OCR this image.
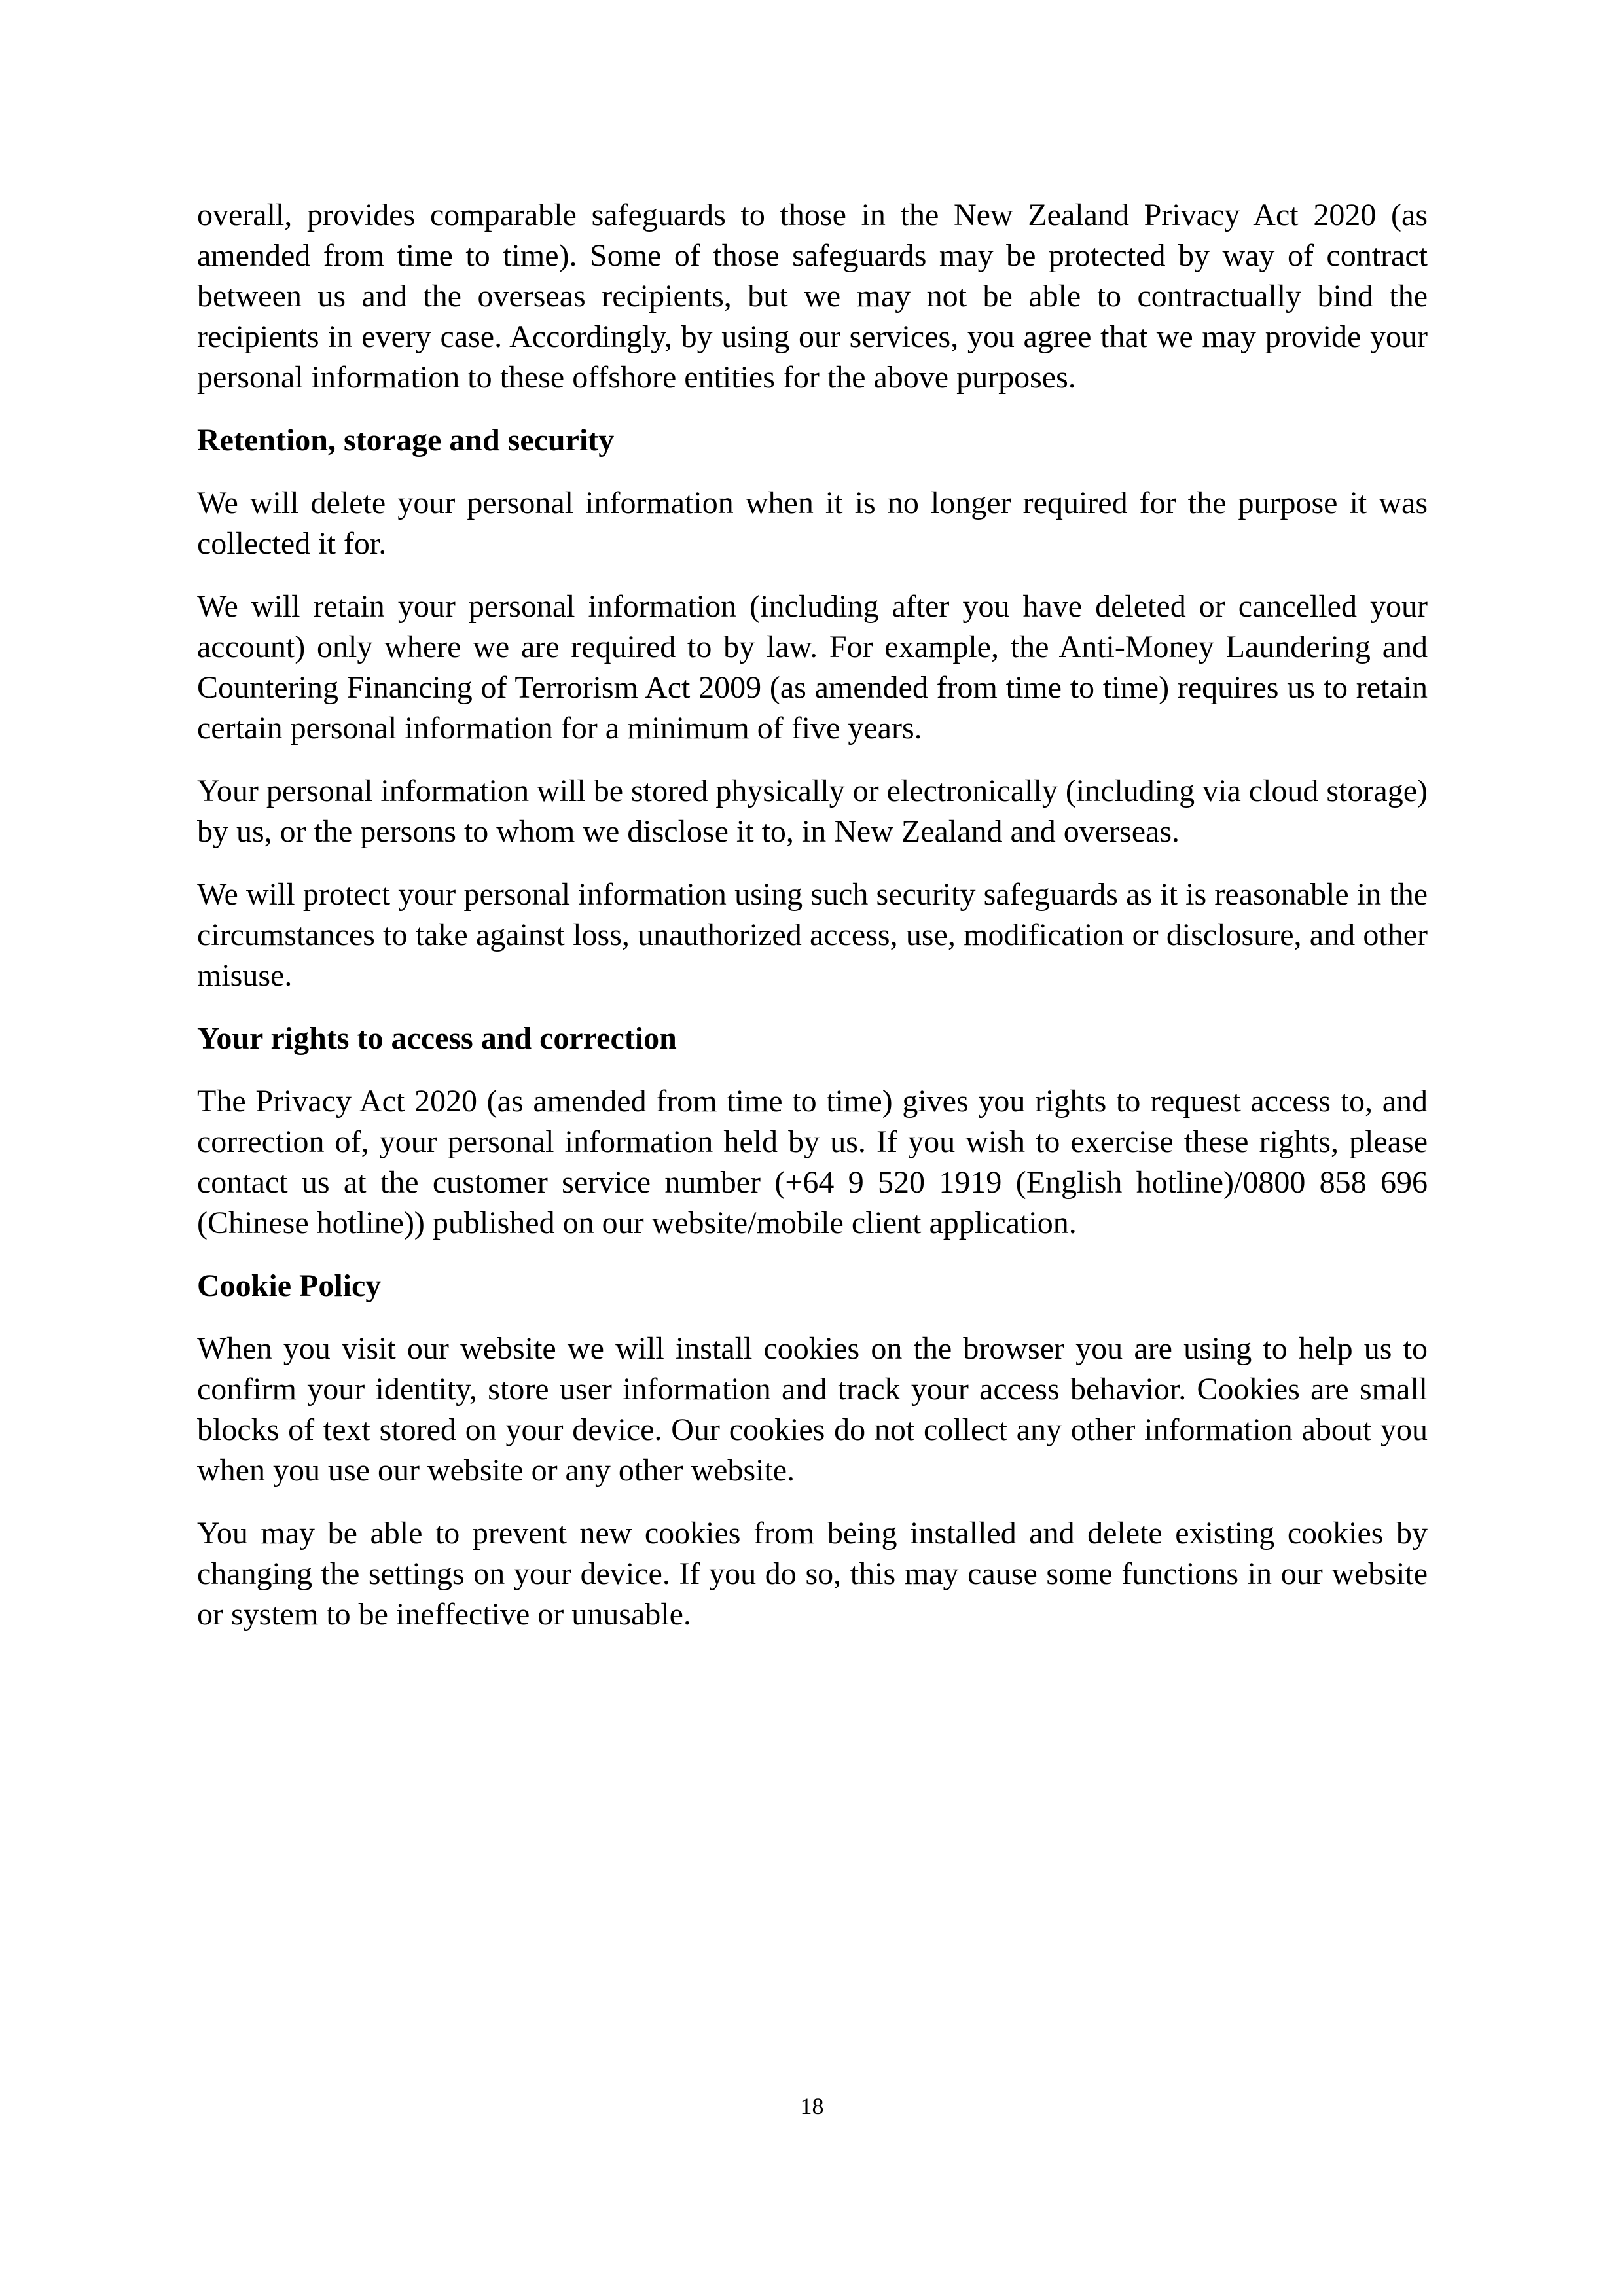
overall, provides comparable safeguards to those in the New Zealand Privacy Act 2020 (as amended from time to time). Some of those safeguards may be protected by way of contract between us and the overseas recipients, but we may not be able to contractually bind the recipients in every case. Accordingly, by using our services, you agree that we may provide your personal information to these offshore entities for the above purposes.

Retention, storage and security

We will delete your personal information when it is no longer required for the purpose it was collected it for.

We will retain your personal information (including after you have deleted or cancelled your account) only where we are required to by law. For example, the Anti-Money Laundering and Countering Financing of Terrorism Act 2009 (as amended from time to time) requires us to retain certain personal information for a minimum of five years.

Your personal information will be stored physically or electronically (including via cloud storage) by us, or the persons to whom we disclose it to, in New Zealand and overseas.

We will protect your personal information using such security safeguards as it is reasonable in the circumstances to take against loss, unauthorized access, use, modification or disclosure, and other misuse.

Your rights to access and correction

The Privacy Act 2020 (as amended from time to time) gives you rights to request access to, and correction of, your personal information held by us. If you wish to exercise these rights, please contact us at the customer service number (+64 9 520 1919 (English hotline)/0800 858 696 (Chinese hotline)) published on our website/mobile client application.

Cookie Policy

When you visit our website we will install cookies on the browser you are using to help us to confirm your identity, store user information and track your access behavior. Cookies are small blocks of text stored on your device. Our cookies do not collect any other information about you when you use our website or any other website.

You may be able to prevent new cookies from being installed and delete existing cookies by changing the settings on your device. If you do so, this may cause some functions in our website or system to be ineffective or unusable.

18
